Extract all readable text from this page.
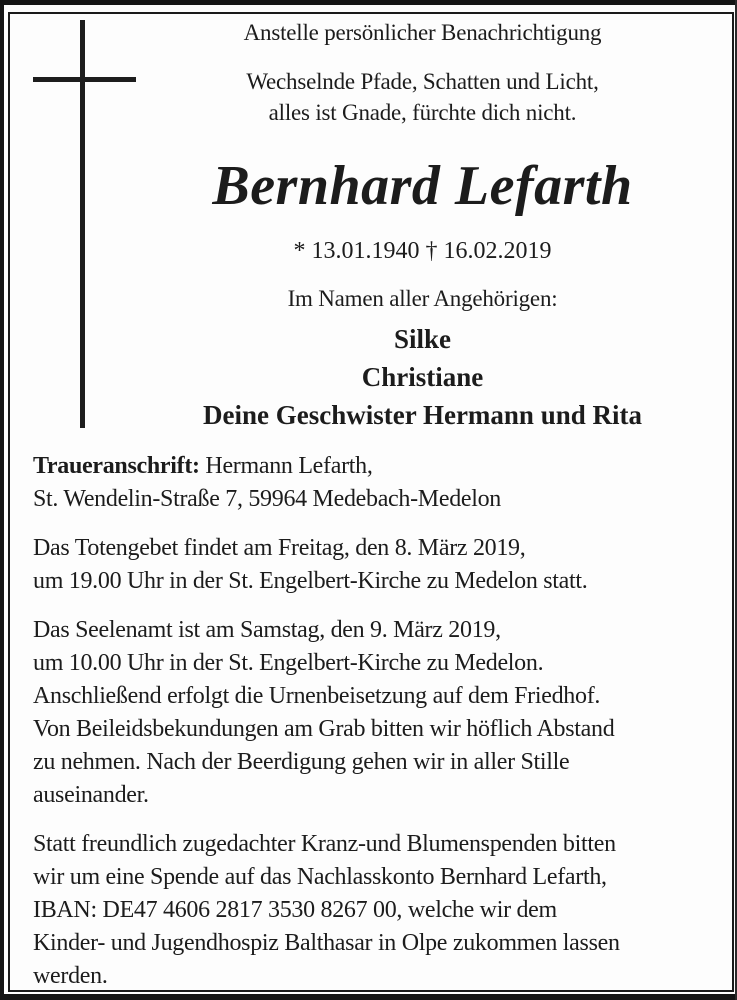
Anstelle persönlicher Benachrichtigung
Wechselnde Pfade, Schatten und Licht,
alles ist Gnade, fürchte dich nicht.
Bernhard Lefarth
* 13.01.1940 † 16.02.2019
Im Namen aller Angehörigen:
Silke
Christiane
Deine Geschwister Hermann und Rita
Traueranschrift: Hermann Lefarth,
St. Wendelin-Straße 7, 59964 Medebach-Medelon
Das Totengebet findet am Freitag, den 8. März 2019,
um 19.00 Uhr in der St. Engelbert-Kirche zu Medelon statt.
Das Seelenamt ist am Samstag, den 9. März 2019,
um 10.00 Uhr in der St. Engelbert-Kirche zu Medelon.
Anschließend erfolgt die Urnenbeisetzung auf dem Friedhof.
Von Beileidsbekundungen am Grab bitten wir höflich Abstand
zu nehmen. Nach der Beerdigung gehen wir in aller Stille
auseinander.
Statt freundlich zugedachter Kranz-und Blumenspenden bitten
wir um eine Spende auf das Nachlasskonto Bernhard Lefarth,
IBAN: DE47 4606 2817 3530 8267 00, welche wir dem
Kinder- und Jugendhospiz Balthasar in Olpe zukommen lassen
werden.
